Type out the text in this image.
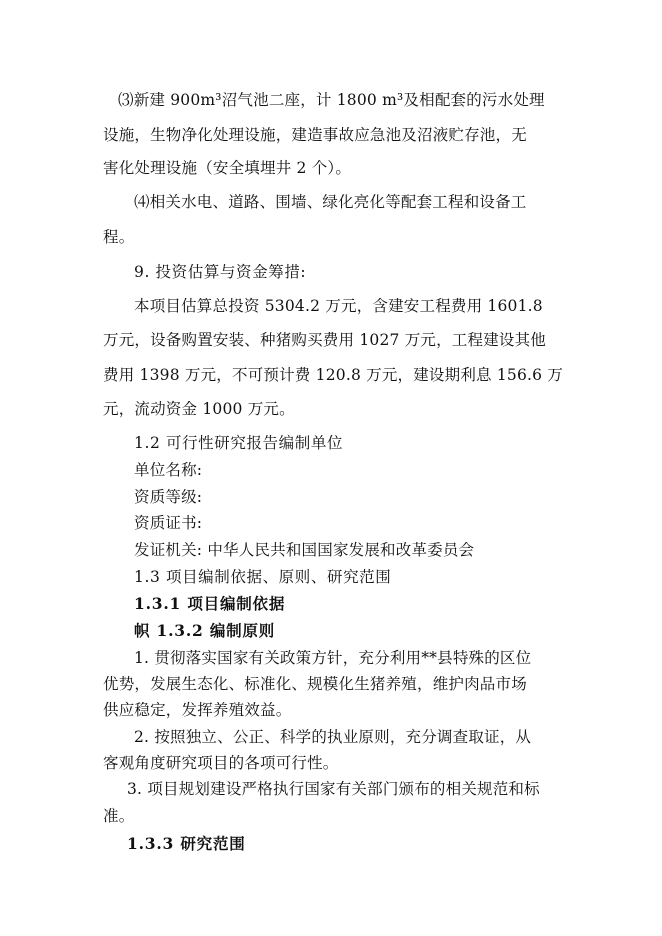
⑶新建 900m³沼气池二座，计 1800 m³及相配套的污水处理
设施，生物净化处理设施，建造事故应急池及沼液贮存池，无
害化处理设施（安全填埋井 2 个）。
⑷相关水电、道路、围墙、绿化亮化等配套工程和设备工
程。
9. 投资估算与资金筹措:
本项目估算总投资 5304.2 万元，含建安工程费用 1601.8
万元，设备购置安装、种猪购买费用 1027 万元，工程建设其他
费用 1398 万元，不可预计费 120.8 万元，建设期利息 156.6 万
元，流动资金 1000 万元。
1.2 可行性研究报告编制单位
单位名称:
资质等级:
资质证书:
发证机关: 中华人民共和国国家发展和改革委员会
1.3 项目编制依据、原则、研究范围
1.3.1 项目编制依据
帜 1.3.2 编制原则
1. 贯彻落实国家有关政策方针，充分利用**县特殊的区位
优势，发展生态化、标准化、规模化生猪养殖，维护肉品市场
供应稳定，发挥养殖效益。
2. 按照独立、公正、科学的执业原则，充分调查取证，从
客观角度研究项目的各项可行性。
3. 项目规划建设严格执行国家有关部门颁布的相关规范和标
准。
1.3.3 研究范围
